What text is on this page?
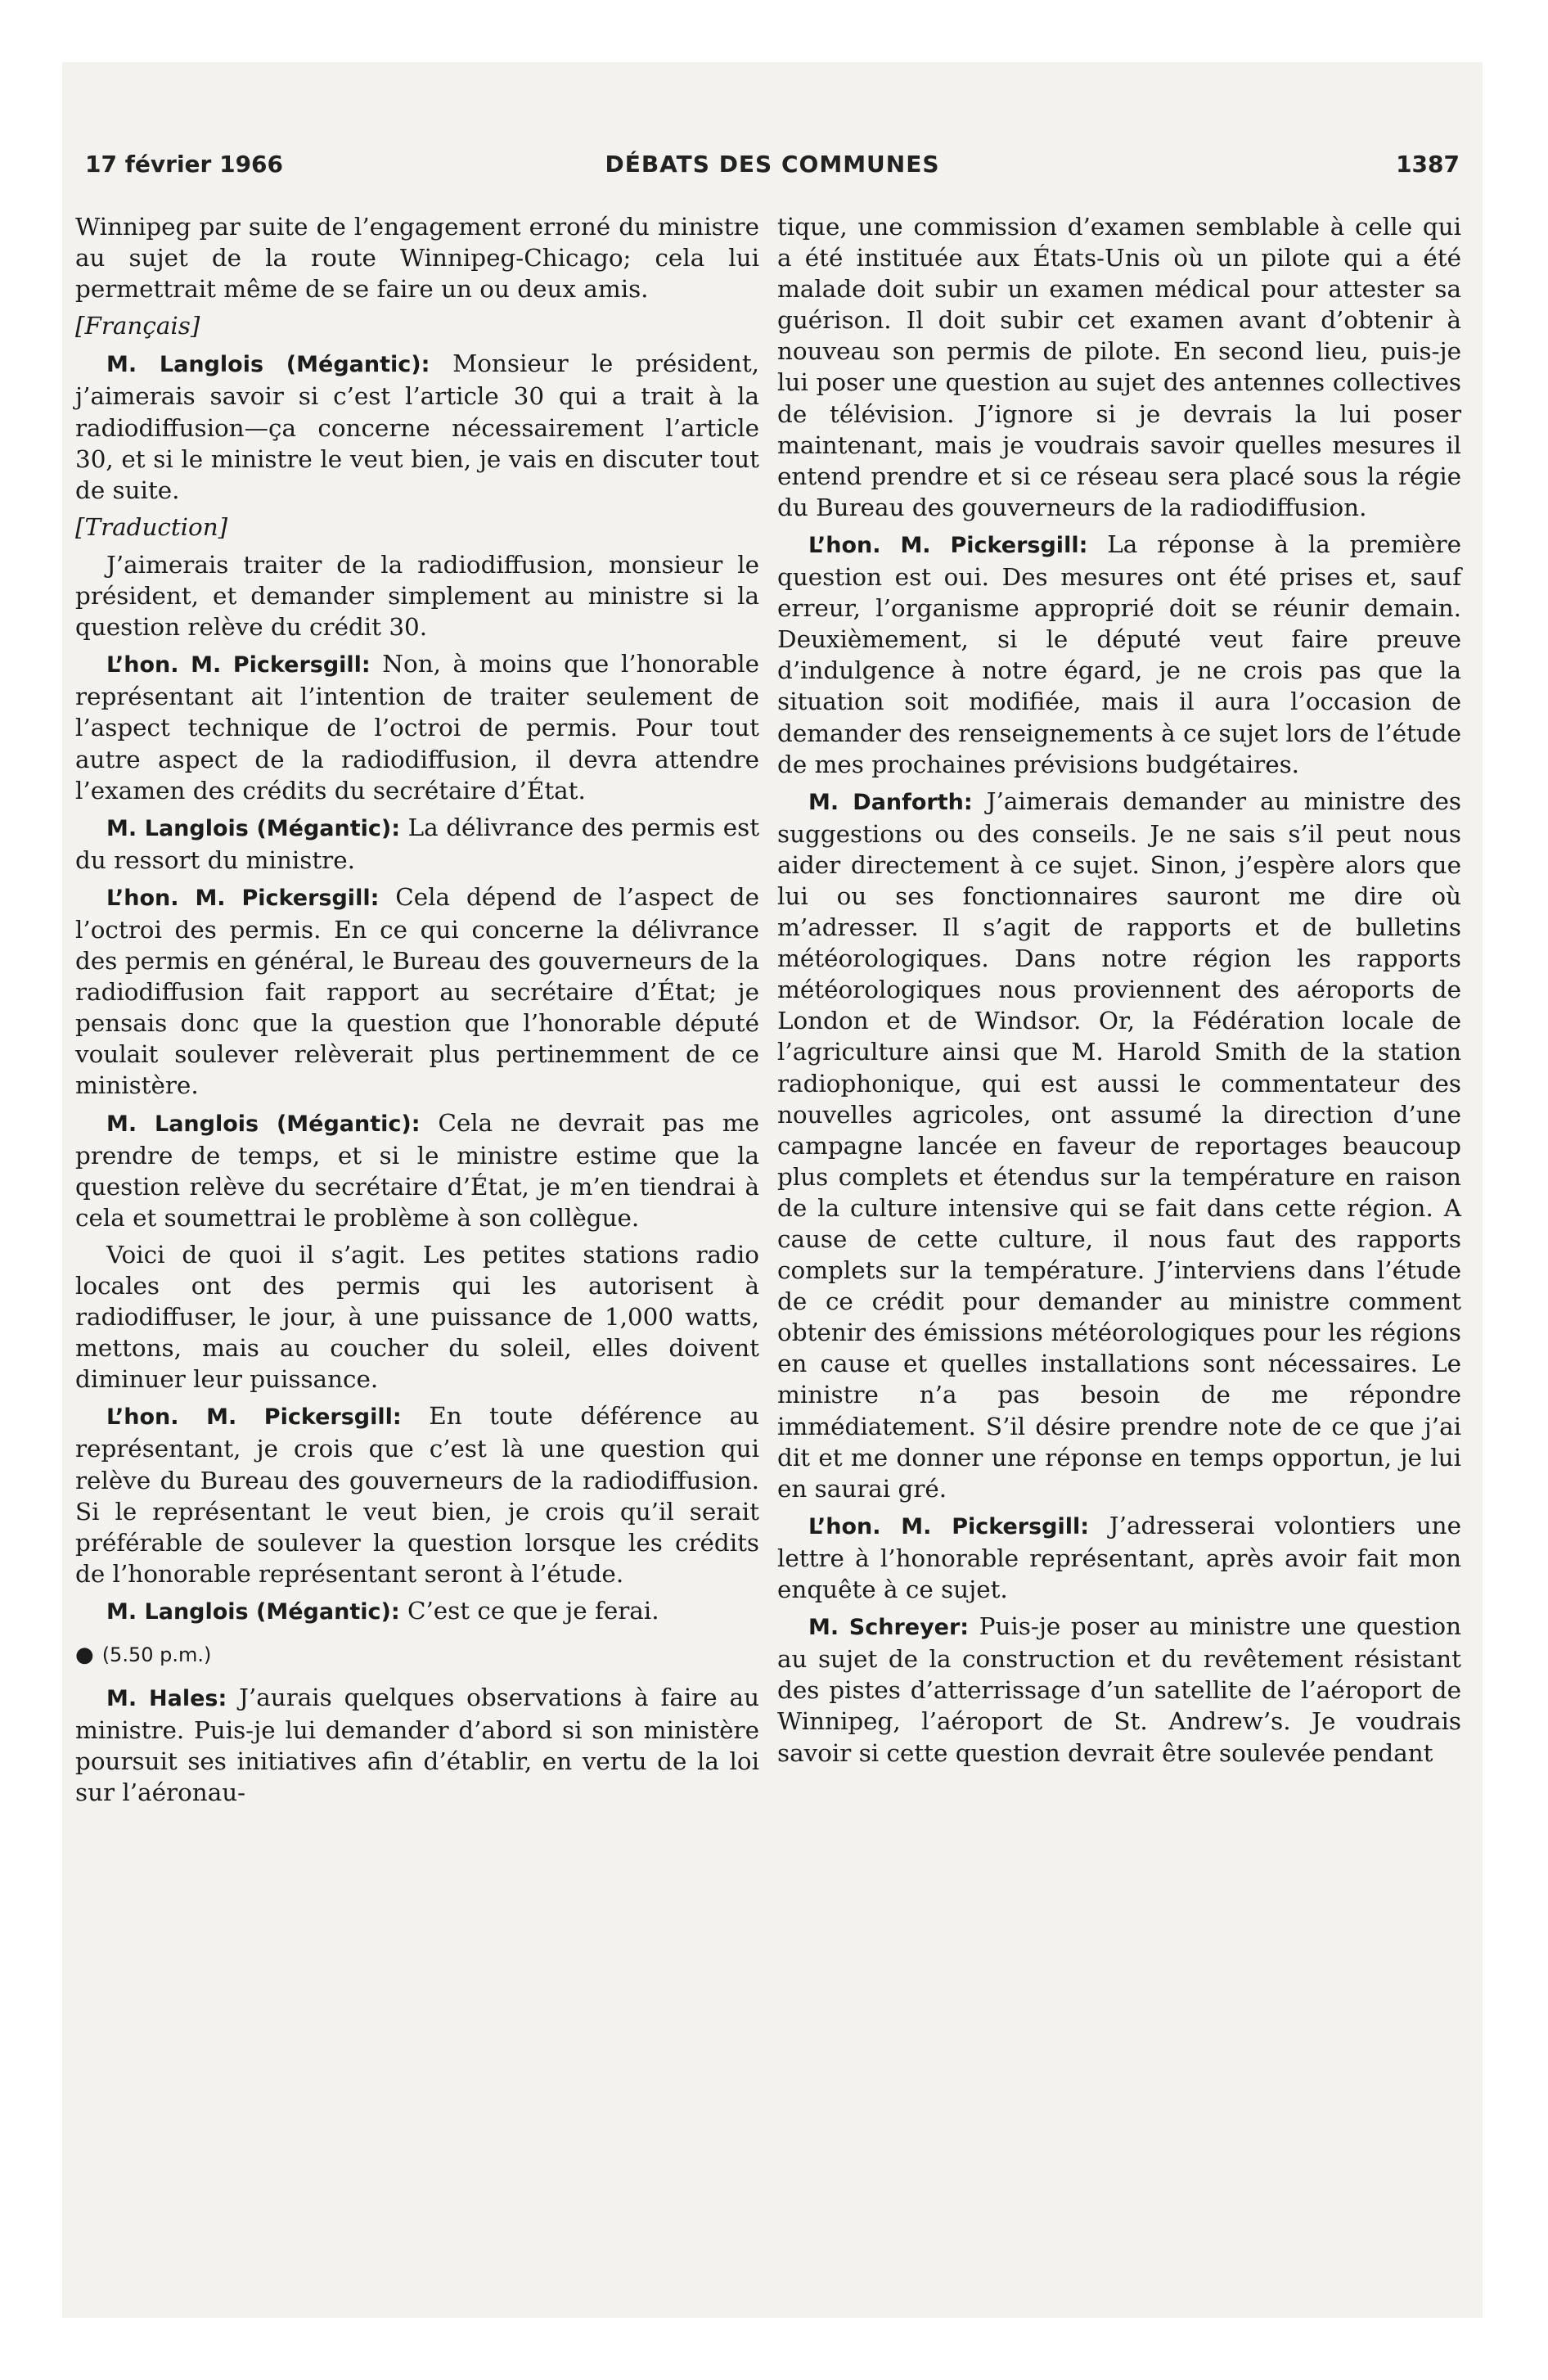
17 février 1966	DÉBATS DES COMMUNES	1387

Winnipeg par suite de l’engagement erroné du ministre au sujet de la route Winnipeg-Chicago; cela lui permettrait même de se faire un ou deux amis.

[Français]

M. Langlois (Mégantic): Monsieur le président, j’aimerais savoir si c’est l’article 30 qui a trait à la radiodiffusion—ça concerne nécessairement l’article 30, et si le ministre le veut bien, je vais en discuter tout de suite.

[Traduction]

J’aimerais traiter de la radiodiffusion, monsieur le président, et demander simplement au ministre si la question relève du crédit 30.

L’hon. M. Pickersgill: Non, à moins que l’honorable représentant ait l’intention de traiter seulement de l’aspect technique de l’octroi de permis. Pour tout autre aspect de la radiodiffusion, il devra attendre l’examen des crédits du secrétaire d’État.

M. Langlois (Mégantic): La délivrance des permis est du ressort du ministre.

L’hon. M. Pickersgill: Cela dépend de l’aspect de l’octroi des permis. En ce qui concerne la délivrance des permis en général, le Bureau des gouverneurs de la radiodiffusion fait rapport au secrétaire d’État; je pensais donc que la question que l’honorable député voulait soulever relèverait plus pertinemment de ce ministère.

M. Langlois (Mégantic): Cela ne devrait pas me prendre de temps, et si le ministre estime que la question relève du secrétaire d’État, je m’en tiendrai à cela et soumettrai le problème à son collègue.

Voici de quoi il s’agit. Les petites stations radio locales ont des permis qui les autorisent à radiodiffuser, le jour, à une puissance de 1,000 watts, mettons, mais au coucher du soleil, elles doivent diminuer leur puissance.

L’hon. M. Pickersgill: En toute déférence au représentant, je crois que c’est là une question qui relève du Bureau des gouverneurs de la radiodiffusion. Si le représentant le veut bien, je crois qu’il serait préférable de soulever la question lorsque les crédits de l’honorable représentant seront à l’étude.

M. Langlois (Mégantic): C’est ce que je ferai.

● (5.50 p.m.)

M. Hales: J’aurais quelques observations à faire au ministre. Puis-je lui demander d’abord si son ministère poursuit ses initiatives afin d’établir, en vertu de la loi sur l’aéronau-

tique, une commission d’examen semblable à celle qui a été instituée aux États-Unis où un pilote qui a été malade doit subir un examen médical pour attester sa guérison. Il doit subir cet examen avant d’obtenir à nouveau son permis de pilote. En second lieu, puis-je lui poser une question au sujet des antennes collectives de télévision. J’ignore si je devrais la lui poser maintenant, mais je voudrais savoir quelles mesures il entend prendre et si ce réseau sera placé sous la régie du Bureau des gouverneurs de la radiodiffusion.

L’hon. M. Pickersgill: La réponse à la première question est oui. Des mesures ont été prises et, sauf erreur, l’organisme approprié doit se réunir demain. Deuxièmement, si le député veut faire preuve d’indulgence à notre égard, je ne crois pas que la situation soit modifiée, mais il aura l’occasion de demander des renseignements à ce sujet lors de l’étude de mes prochaines prévisions budgétaires.

M. Danforth: J’aimerais demander au ministre des suggestions ou des conseils. Je ne sais s’il peut nous aider directement à ce sujet. Sinon, j’espère alors que lui ou ses fonctionnaires sauront me dire où m’adresser. Il s’agit de rapports et de bulletins météorologiques. Dans notre région les rapports météorologiques nous proviennent des aéroports de London et de Windsor. Or, la Fédération locale de l’agriculture ainsi que M. Harold Smith de la station radiophonique, qui est aussi le commentateur des nouvelles agricoles, ont assumé la direction d’une campagne lancée en faveur de reportages beaucoup plus complets et étendus sur la température en raison de la culture intensive qui se fait dans cette région. A cause de cette culture, il nous faut des rapports complets sur la température. J’interviens dans l’étude de ce crédit pour demander au ministre comment obtenir des émissions météorologiques pour les régions en cause et quelles installations sont nécessaires. Le ministre n’a pas besoin de me répondre immédiatement. S’il désire prendre note de ce que j’ai dit et me donner une réponse en temps opportun, je lui en saurai gré.

L’hon. M. Pickersgill: J’adresserai volontiers une lettre à l’honorable représentant, après avoir fait mon enquête à ce sujet.

M. Schreyer: Puis-je poser au ministre une question au sujet de la construction et du revêtement résistant des pistes d’atterrissage d’un satellite de l’aéroport de Winnipeg, l’aéroport de St. Andrew’s. Je voudrais savoir si cette question devrait être soulevée pendant
